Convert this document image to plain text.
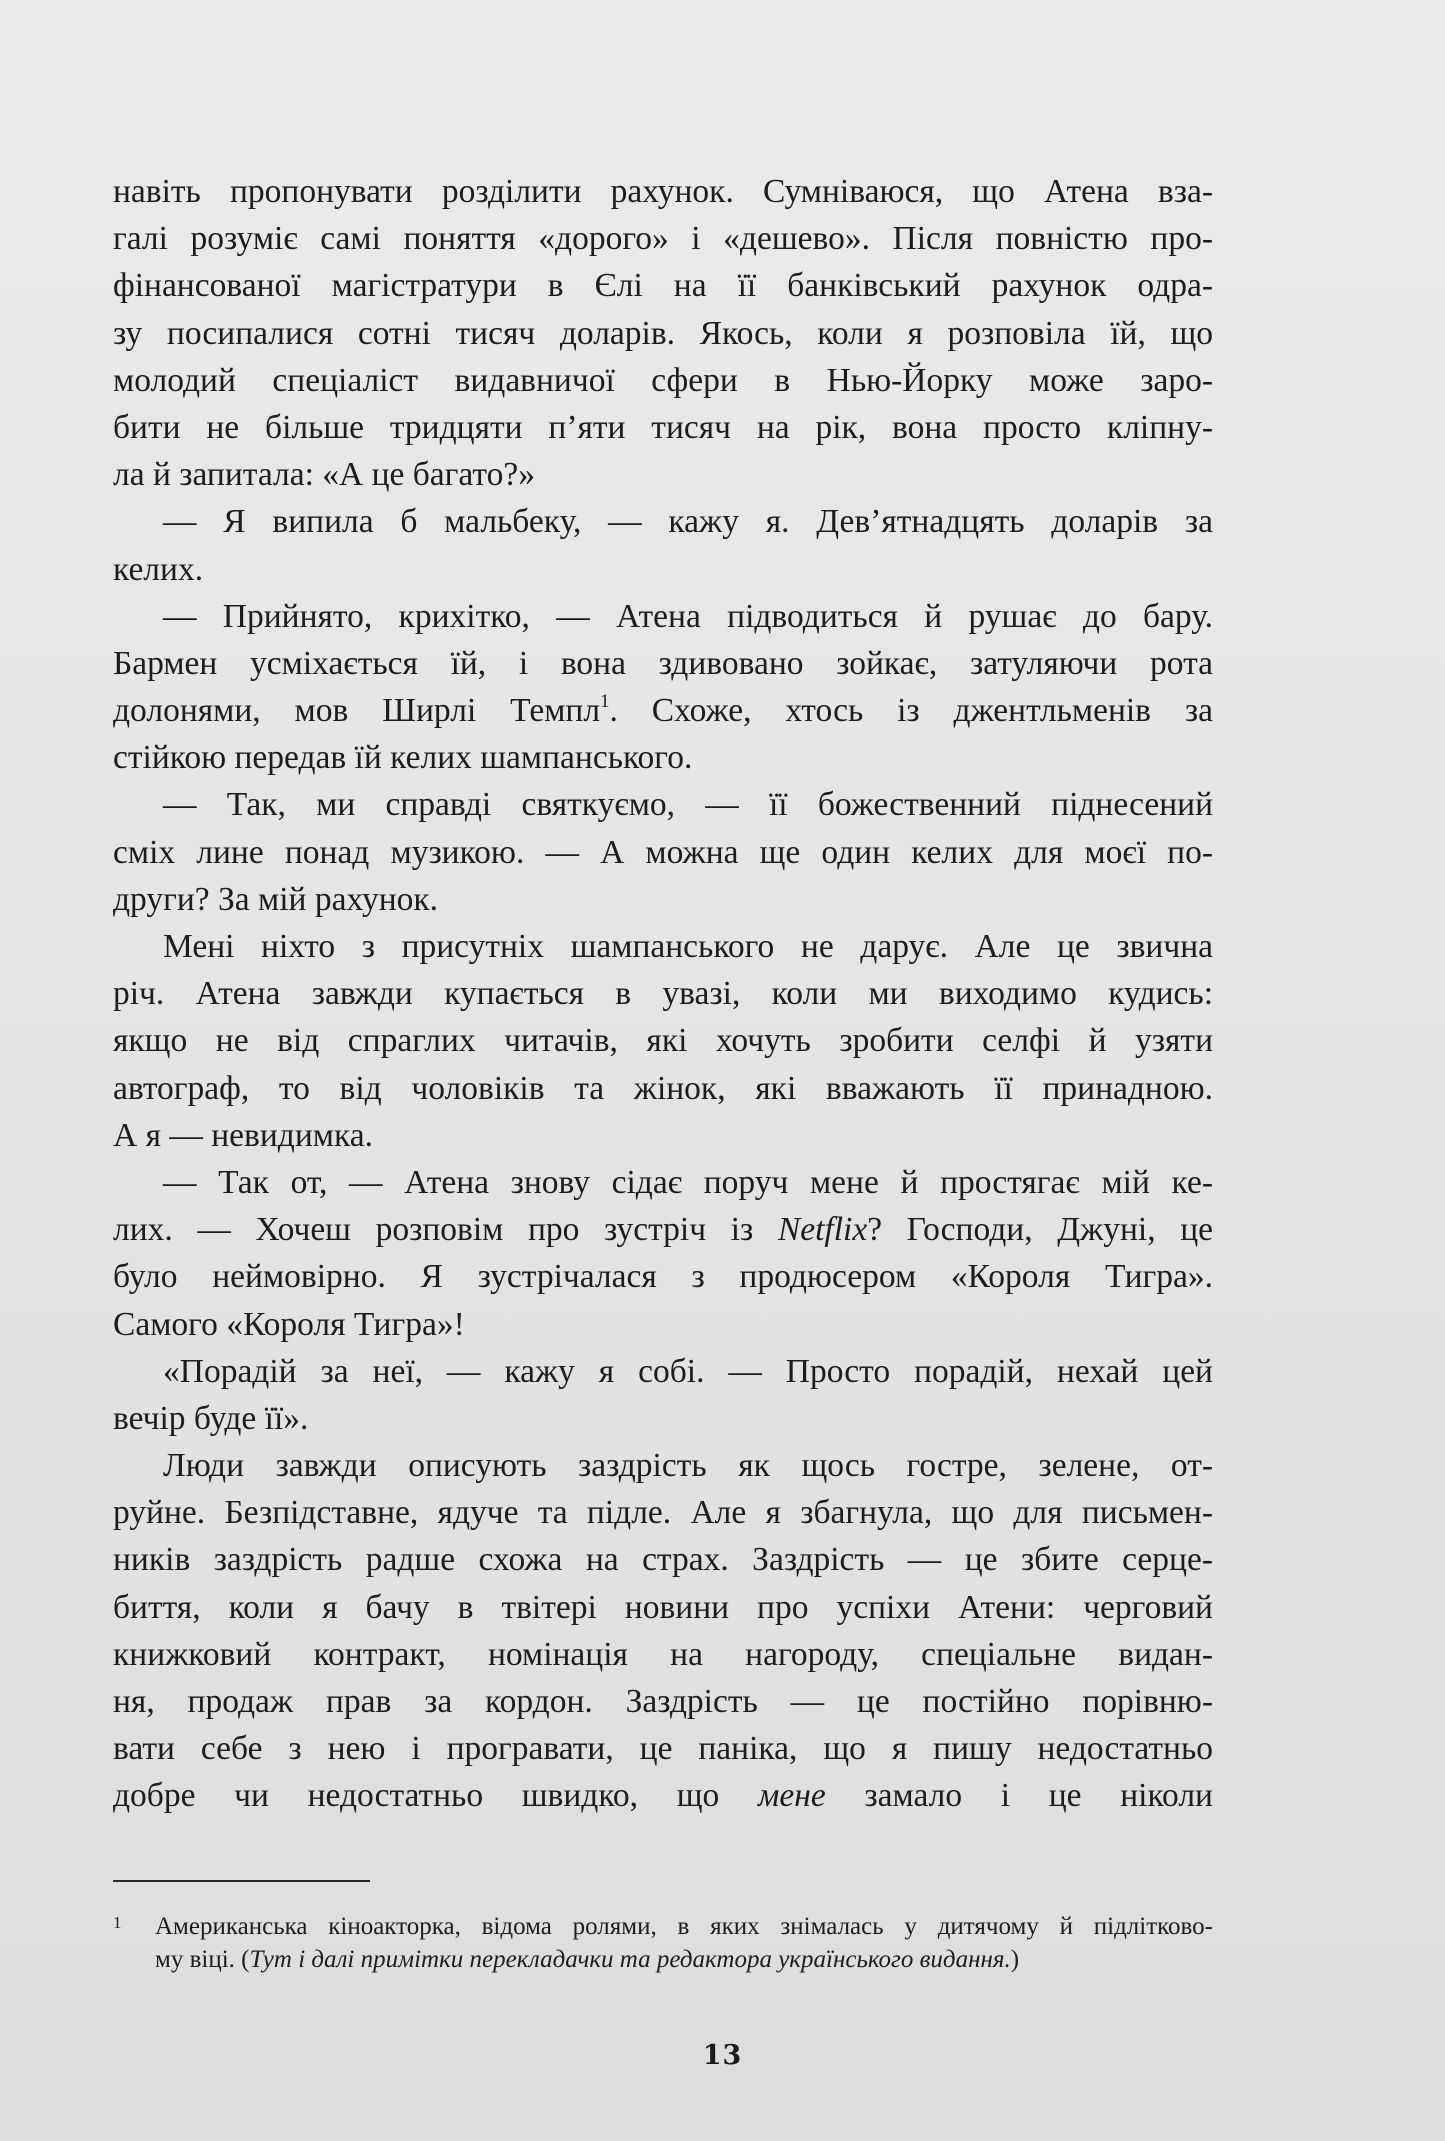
навіть пропонувати розділити рахунок. Сумніваюся, що Атена вза-
галі розуміє самі поняття «дорого» і «дешево». Після повністю про-
фінансованої магістратури в Єлі на її банківський рахунок одра-
зу посипалися сотні тисяч доларів. Якось, коли я розповіла їй, що
молодий спеціаліст видавничої сфери в Нью-Йорку може заро-
бити не більше тридцяти п’яти тисяч на рік, вона просто кліпну-
ла й запитала: «А це багато?»
— Я випила б мальбеку, — кажу я. Дев’ятнадцять доларів за
келих.
— Прийнято, крихітко, — Атена підводиться й рушає до бару.
Бармен усміхається їй, і вона здивовано зойкає, затуляючи рота
долонями, мов Ширлі Темпл$^1$. Схоже, хтось із джентльменів за
стійкою передав їй келих шампанського.
— Так, ми справді святкуємо, — її божественний піднесений
сміх лине понад музикою. — А можна ще один келих для моєї по-
други? За мій рахунок.
Мені ніхто з присутніх шампанського не дарує. Але це звична
річ. Атена завжди купається в увазі, коли ми виходимо кудись:
якщо не від спраглих читачів, які хочуть зробити селфі й узяти
автограф, то від чоловіків та жінок, які вважають її принадною.
А я — невидимка.
— Так от, — Атена знову сідає поруч мене й простягає мій ке-
лих. — Хочеш розповім про зустріч із Netflix? Господи, Джуні, це
було неймовірно. Я зустрічалася з продюсером «Короля Тигра».
Самого «Короля Тигра»!
«Порадій за неї, — кажу я собі. — Просто порадій, нехай цей
вечір буде її».
Люди завжди описують заздрість як щось гостре, зелене, от-
руйне. Безпідставне, ядуче та підле. Але я збагнула, що для письмен-
ників заздрість радше схожа на страх. Заздрість — це збите серце-
биття, коли я бачу в твітері новини про успіхи Атени: черговий
книжковий контракт, номінація на нагороду, спеціальне видан-
ня, продаж прав за кордон. Заздрість — це постійно порівню-
вати себе з нею і програвати, це паніка, що я пишу недостатньо
добре чи недостатньо швидко, що мене замало і це ніколи
1 Американська кіноакторка, відома ролями, в яких знімалась у дитячому й підлітково-
му віці. (Тут і далі примітки перекладачки та редактора українського видання.)
13
